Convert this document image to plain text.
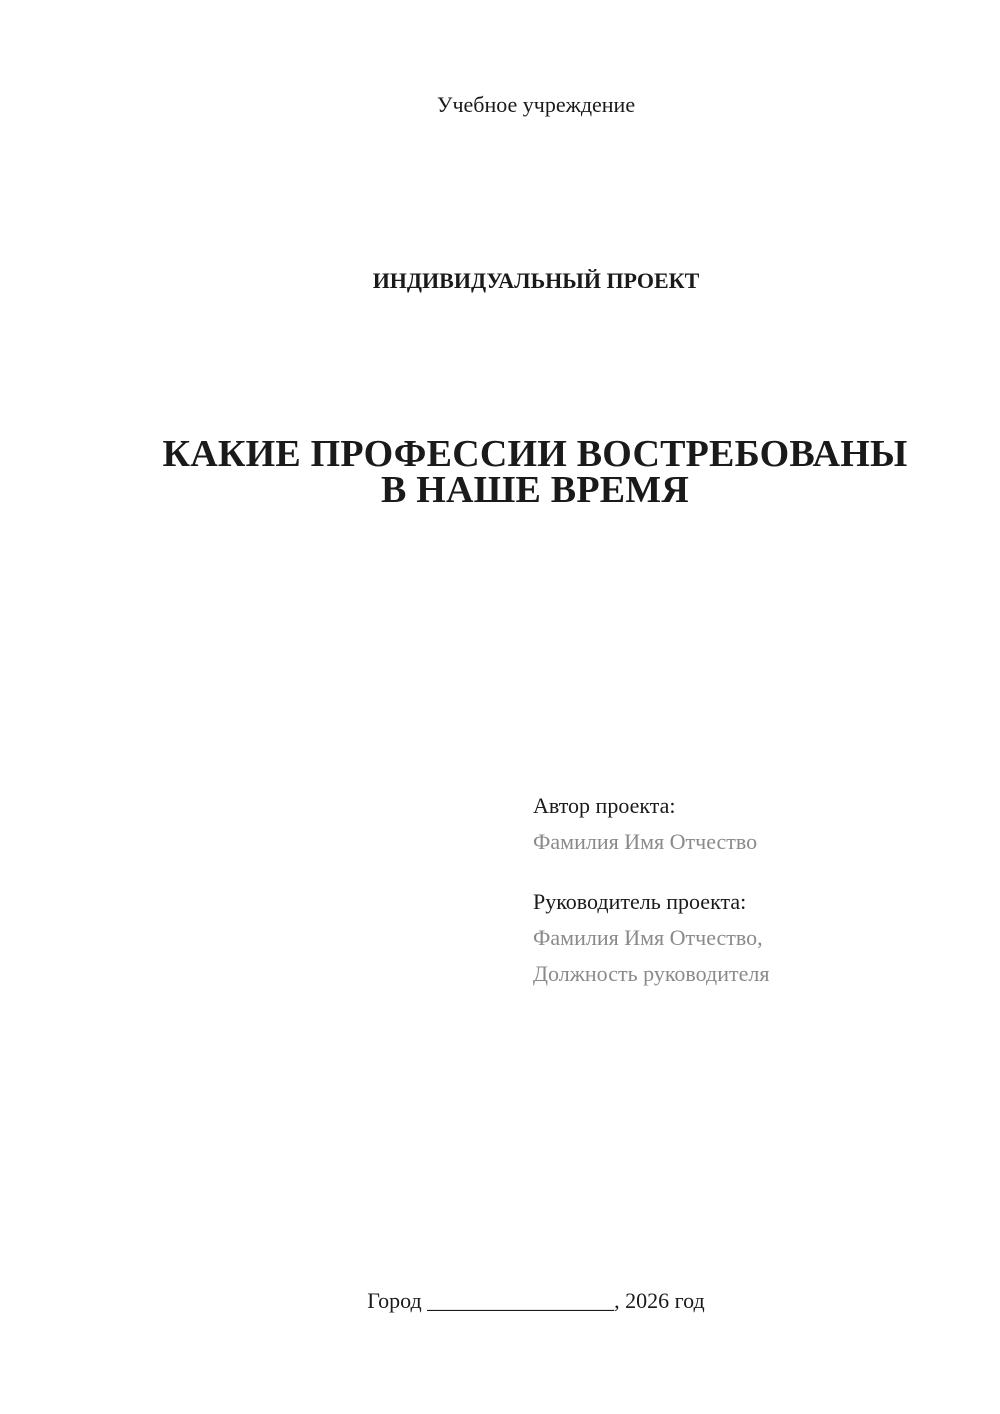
Учебное учреждение
ИНДИВИДУАЛЬНЫЙ ПРОЕКТ
КАКИЕ ПРОФЕССИИ ВОСТРЕБОВАНЫ
В НАШЕ ВРЕМЯ
Автор проекта:
Фамилия Имя Отчество
Руководитель проекта:
Фамилия Имя Отчество,
Должность руководителя
Город _________________, 2026 год
